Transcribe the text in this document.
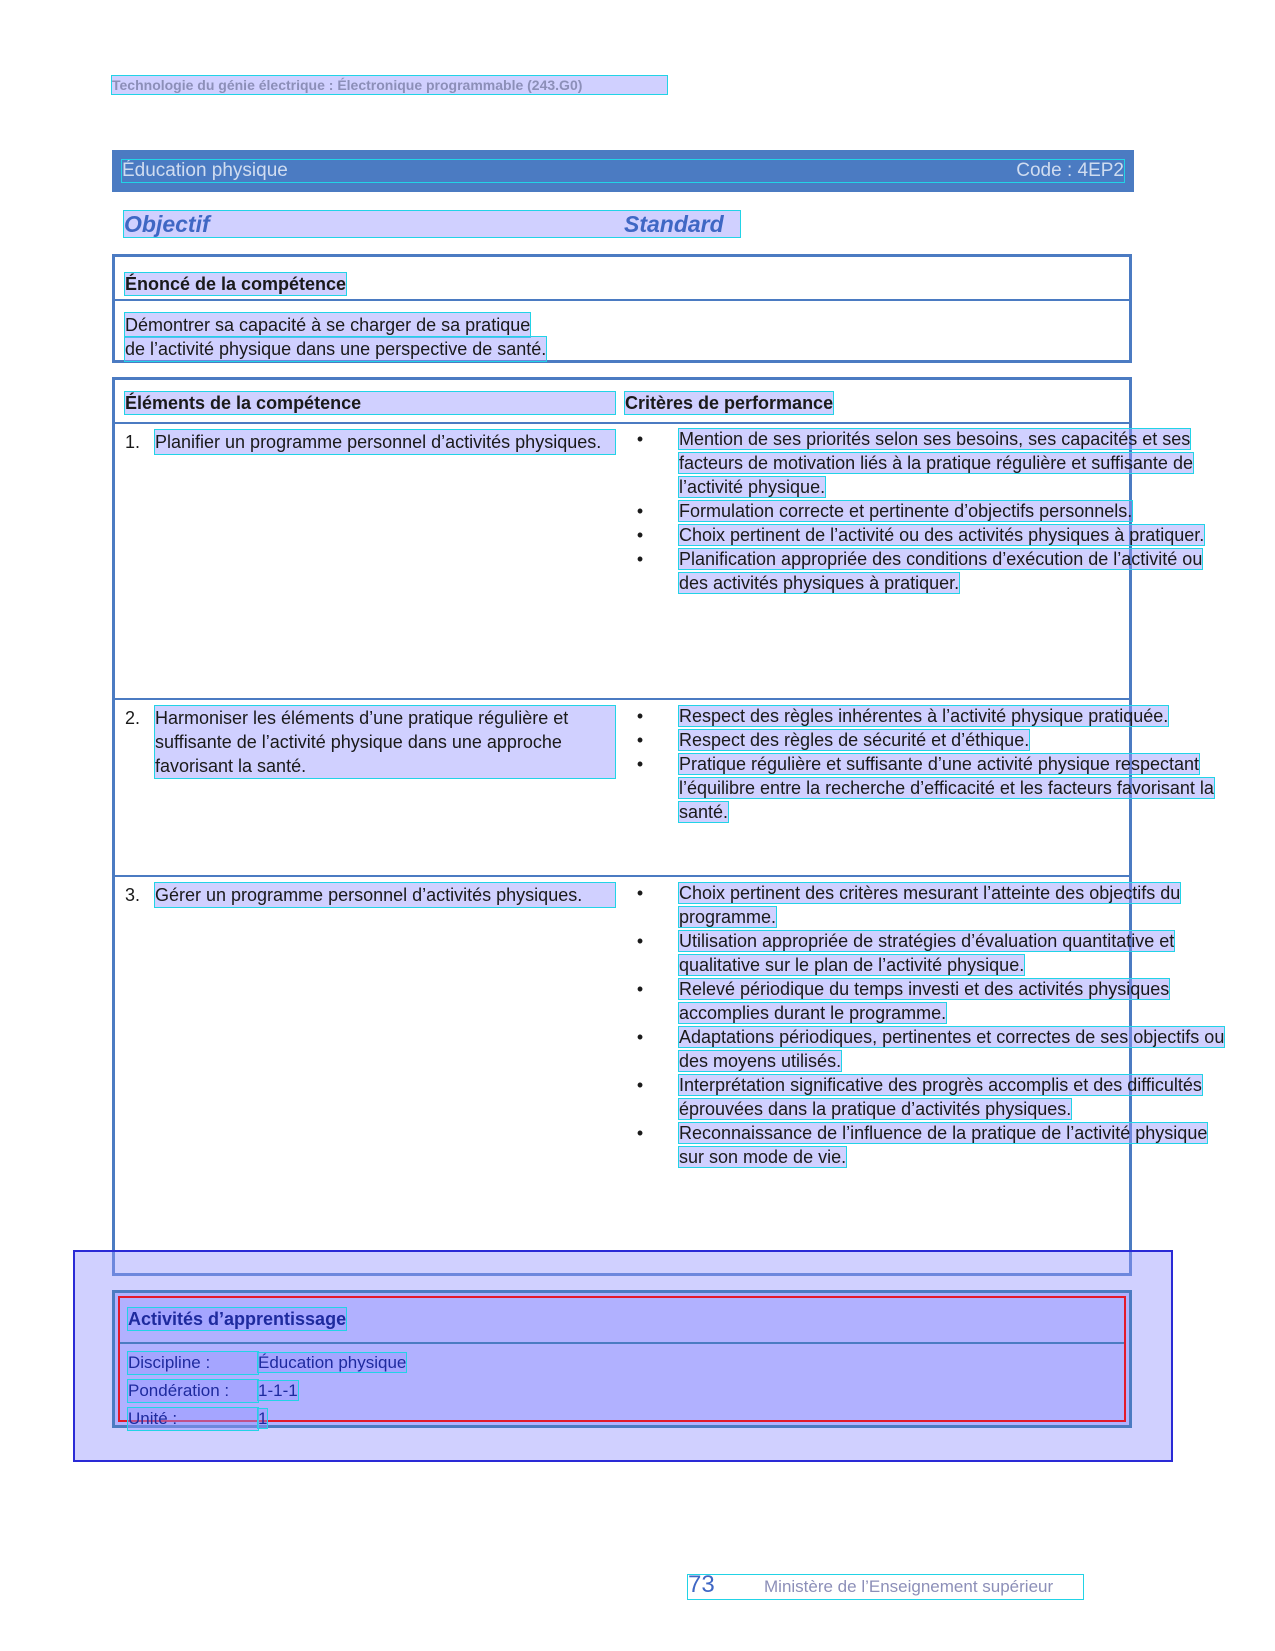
Technologie du génie électrique : Électronique programmable (243.G0)
Éducation physique	Code : 4EP2
Objectif	Standard
Énoncé de la compétence
Démontrer sa capacité à se charger de sa pratique
de l’activité physique dans une perspective de santé.
Éléments de la compétence	Critères de performance
1. Planifier un programme personnel d’activités physiques.	• Mention de ses priorités selon ses besoins, ses capacités et ses facteurs de motivation liés à la pratique régulière et suffisante de l’activité physique.
• Formulation correcte et pertinente d’objectifs personnels.
• Choix pertinent de l’activité ou des activités physiques à pratiquer.
• Planification appropriée des conditions d’exécution de l’activité ou des activités physiques à pratiquer.
2. Harmoniser les éléments d’une pratique régulière et suffisante de l’activité physique dans une approche favorisant la santé.
• Respect des règles inhérentes à l’activité physique pratiquée.
• Respect des règles de sécurité et d’éthique.
• Pratique régulière et suffisante d’une activité physique respectant l’équilibre entre la recherche d’efficacité et les facteurs favorisant la santé.
3. Gérer un programme personnel d’activités physiques.	• Choix pertinent des critères mesurant l’atteinte des objectifs du programme.
• Utilisation appropriée de stratégies d’évaluation quantitative et qualitative sur le plan de l’activité physique.
• Relevé périodique du temps investi et des activités physiques accomplies durant le programme.
• Adaptations périodiques, pertinentes et correctes de ses objectifs ou des moyens utilisés.
• Interprétation significative des progrès accomplis et des difficultés éprouvées dans la pratique d’activités physiques.
• Reconnaissance de l’influence de la pratique de l’activité physique sur son mode de vie.
Activités d’apprentissage
Discipline :	Éducation physique
Pondération : 1-1-1
Unité :	1
73	Ministère de l’Enseignement supérieur
